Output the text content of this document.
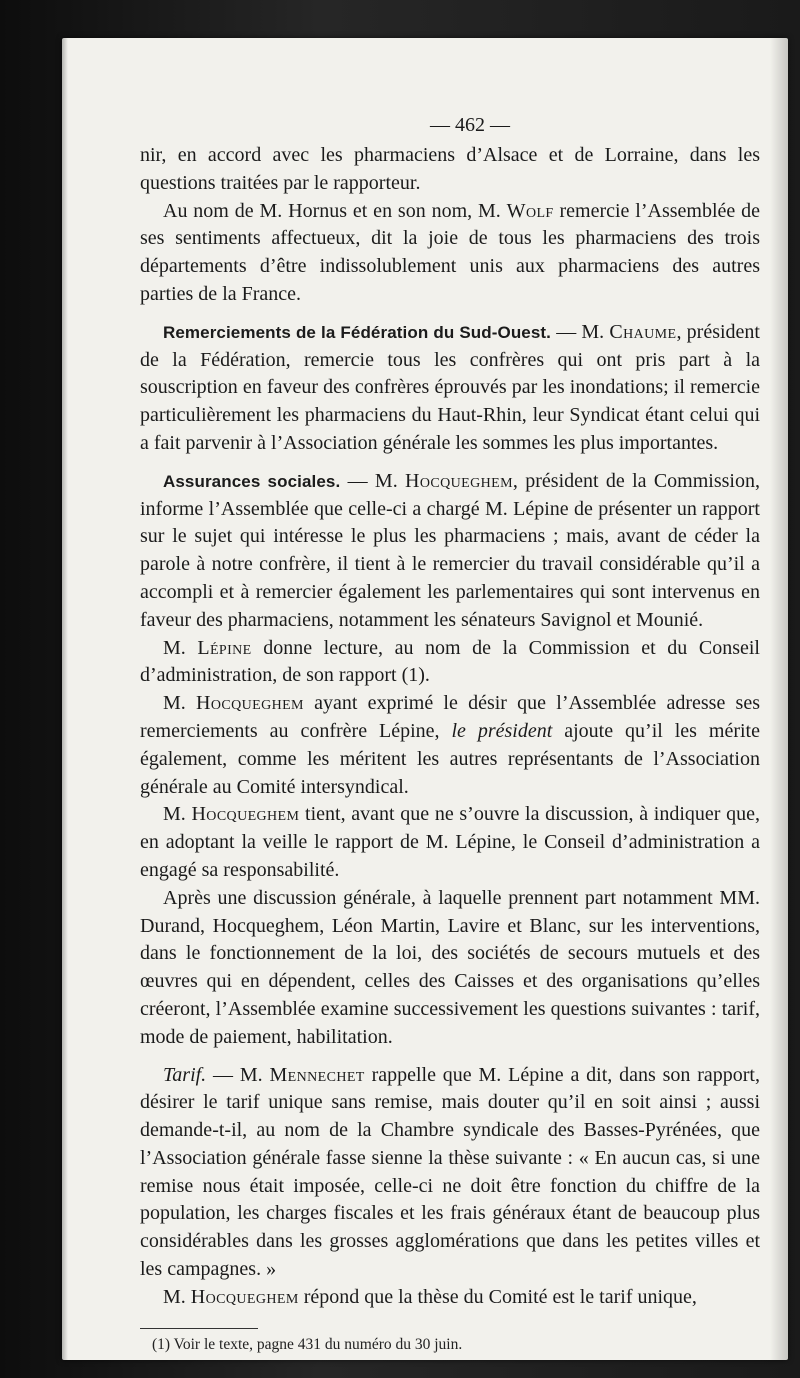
— 462 —

nir, en accord avec les pharmaciens d’Alsace et de Lorraine, dans les questions traitées par le rapporteur.

Au nom de M. Hornus et en son nom, M. Wolf remercie l’Assemblée de ses sentiments affectueux, dit la joie de tous les pharmaciens des trois départements d’être indissolublement unis aux pharmaciens des autres parties de la France.

Remerciements de la Fédération du Sud-Ouest. — M. Chaume, président de la Fédération, remercie tous les confrères qui ont pris part à la souscription en faveur des confrères éprouvés par les inondations; il remercie particulièrement les pharmaciens du Haut-Rhin, leur Syndicat étant celui qui a fait parvenir à l’Association générale les sommes les plus importantes.

Assurances sociales. — M. Hocqueghem, président de la Commission, informe l’Assemblée que celle-ci a chargé M. Lépine de présenter un rapport sur le sujet qui intéresse le plus les pharmaciens ; mais, avant de céder la parole à notre confrère, il tient à le remercier du travail considérable qu’il a accompli et à remercier également les parlementaires qui sont intervenus en faveur des pharmaciens, notamment les sénateurs Savignol et Mounié.

M. Lépine donne lecture, au nom de la Commission et du Conseil d’administration, de son rapport (1).

M. Hocqueghem ayant exprimé le désir que l’Assemblée adresse ses remerciements au confrère Lépine, le président ajoute qu’il les mérite également, comme les méritent les autres représentants de l’Association générale au Comité intersyndical.

M. Hocqueghem tient, avant que ne s’ouvre la discussion, à indiquer que, en adoptant la veille le rapport de M. Lépine, le Conseil d’administration a engagé sa responsabilité.

Après une discussion générale, à laquelle prennent part notamment MM. Durand, Hocqueghem, Léon Martin, Lavire et Blanc, sur les interventions, dans le fonctionnement de la loi, des sociétés de secours mutuels et des œuvres qui en dépendent, celles des Caisses et des organisations qu’elles créeront, l’Assemblée examine successivement les questions suivantes : tarif, mode de paiement, habilitation.

Tarif. — M. Mennechet rappelle que M. Lépine a dit, dans son rapport, désirer le tarif unique sans remise, mais douter qu’il en soit ainsi ; aussi demande-t-il, au nom de la Chambre syndicale des Basses-Pyrénées, que l’Association générale fasse sienne la thèse suivante : « En aucun cas, si une remise nous était imposée, celle-ci ne doit être fonction du chiffre de la population, les charges fiscales et les frais généraux étant de beaucoup plus considérables dans les grosses agglomérations que dans les petites villes et les campagnes. »

M. Hocqueghem répond que la thèse du Comité est le tarif unique,

(1) Voir le texte, pagne 431 du numéro du 30 juin.
